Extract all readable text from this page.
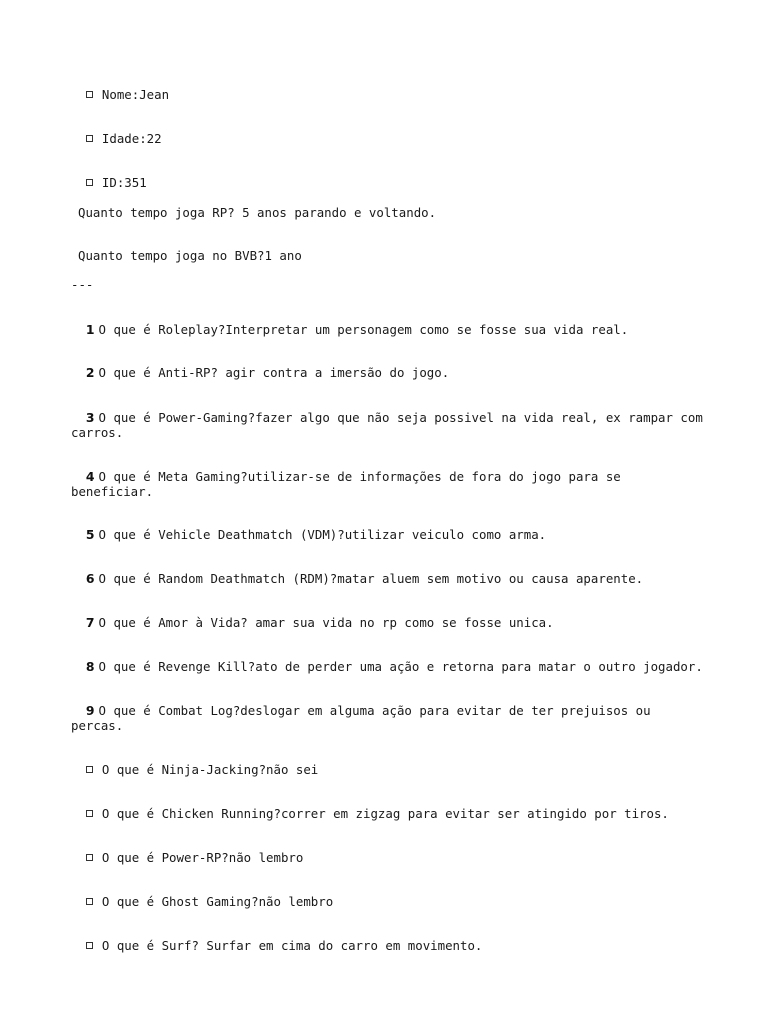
Nome:Jean

Idade:22

ID:351

Quanto tempo joga RP? 5 anos parando e voltando.
Quanto tempo joga no BVB?1 ano
---

1 O que é Roleplay?Interpretar um personagem como se fosse sua vida real.

2 O que é Anti-RP? agir contra a imersão do jogo.

3 O que é Power-Gaming?fazer algo que não seja possivel na vida real, ex rampar com carros.

4 O que é Meta Gaming?utilizar-se de informações de fora do jogo para se beneficiar.

5 O que é Vehicle Deathmatch (VDM)?utilizar veiculo como arma.

6 O que é Random Deathmatch (RDM)?matar aluem sem motivo ou causa aparente.

7 O que é Amor à Vida? amar sua vida no rp como se fosse unica.

8 O que é Revenge Kill?ato de perder uma ação e retorna para matar o outro jogador.

9 O que é Combat Log?deslogar em alguma ação para evitar de ter prejuisos ou percas.

O que é Ninja-Jacking?não sei

O que é Chicken Running?correr em zigzag para evitar ser atingido por tiros.

O que é Power-RP?não lembro

O que é Ghost Gaming?não lembro

O que é Surf? Surfar em cima do carro em movimento.
